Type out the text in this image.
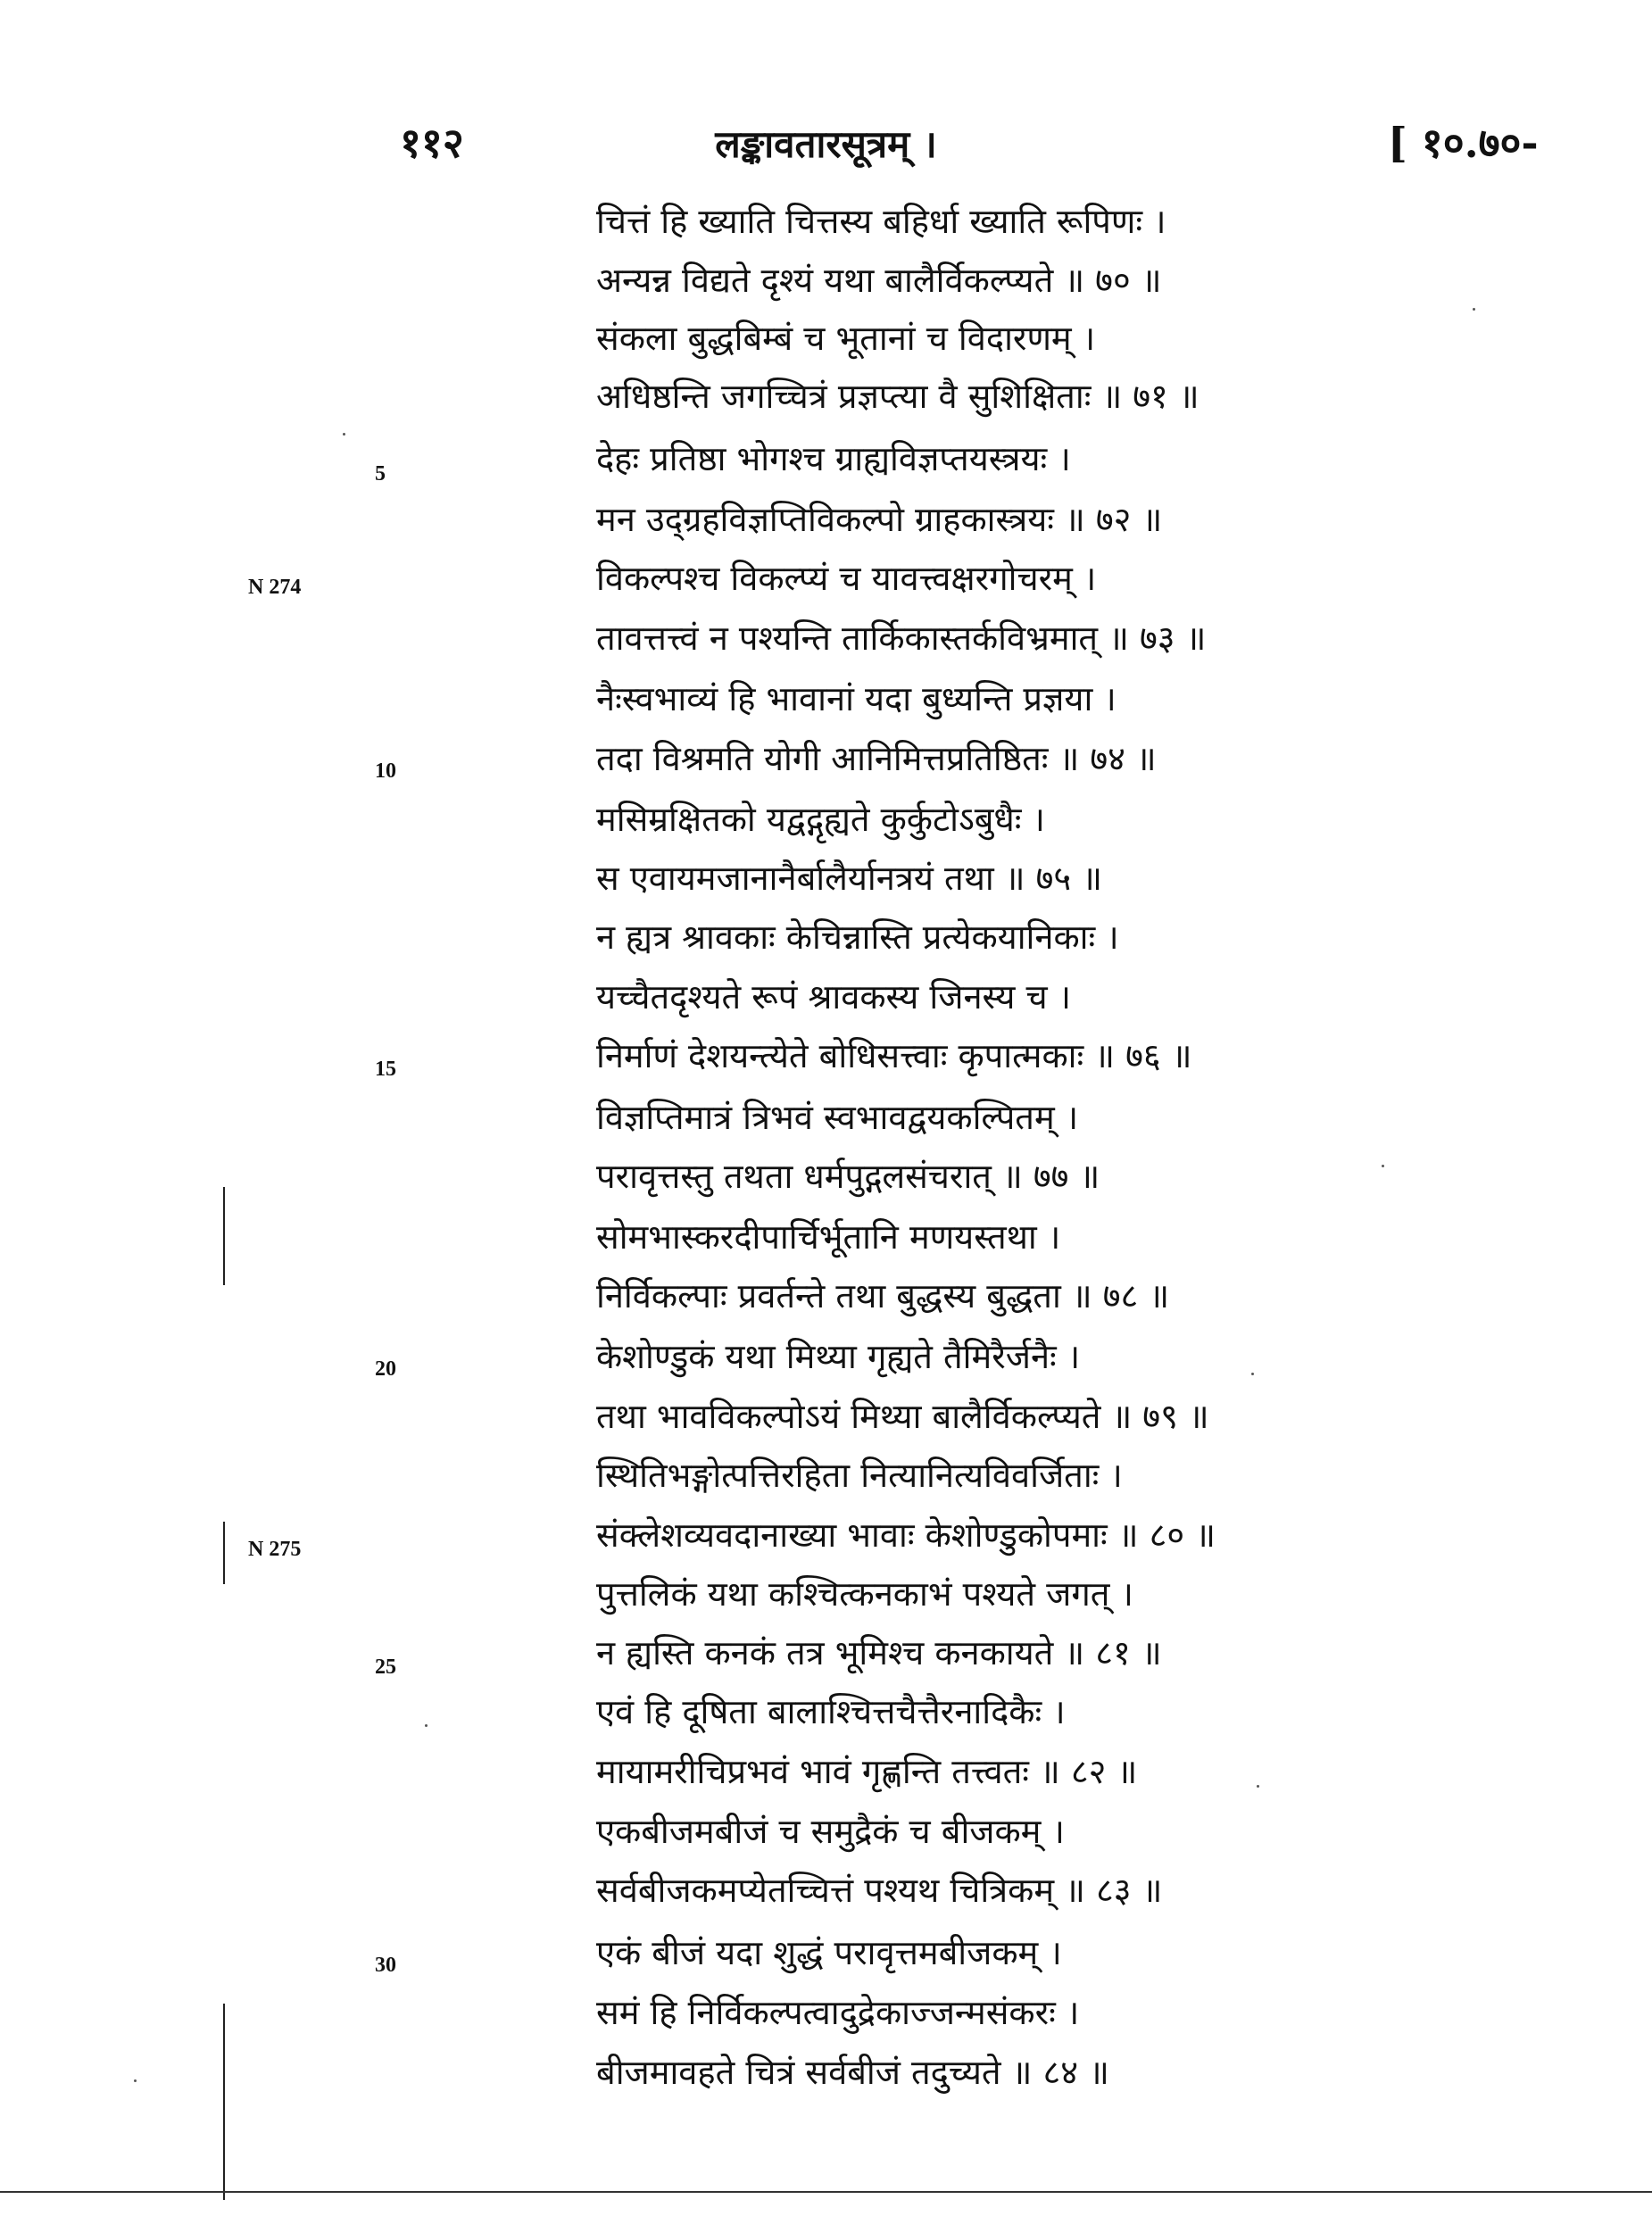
११२	लङ्कावतारसूत्रम् ।	[ १०.७०-
चित्तं हि ख्याति चित्तस्य बहिर्धा ख्याति रूपिणः ।
अन्यन्न विद्यते दृश्यं यथा बालैर्विकल्प्यते ॥ ७० ॥
संकला बुद्धबिम्बं च भूतानां च विदारणम् ।
अधिष्ठन्ति जगच्चित्रं प्रज्ञप्त्या वै सुशिक्षिताः ॥ ७१ ॥
देहः प्रतिष्ठा भोगश्च ग्राह्यविज्ञप्तयस्त्रयः ।
मन उद्ग्रहविज्ञप्तिविकल्पो ग्राहकास्त्रयः ॥ ७२ ॥
विकल्पश्च विकल्प्यं च यावत्त्वक्षरगोचरम् ।
तावत्तत्त्वं न पश्यन्ति तार्किकास्तर्कविभ्रमात् ॥ ७३ ॥
नैःस्वभाव्यं हि भावानां यदा बुध्यन्ति प्रज्ञया ।
तदा विश्रमति योगी आनिमित्तप्रतिष्ठितः ॥ ७४ ॥
मसिम्रक्षितको यद्वद्गृह्यते कुर्कुटोऽबुधैः ।
स एवायमजानानैर्बालैर्यानत्रयं तथा ॥ ७५ ॥
न ह्यत्र श्रावकाः केचिन्नास्ति प्रत्येकयानिकाः ।
यच्चैतदृश्यते रूपं श्रावकस्य जिनस्य च ।
निर्माणं देशयन्त्येते बोधिसत्त्वाः कृपात्मकाः ॥ ७६ ॥
विज्ञप्तिमात्रं त्रिभवं स्वभावद्वयकल्पितम् ।
परावृत्तस्तु तथता धर्मपुद्गलसंचरात् ॥ ७७ ॥
सोमभास्करदीपार्चिर्भूतानि मणयस्तथा ।
निर्विकल्पाः प्रवर्तन्ते तथा बुद्धस्य बुद्धता ॥ ७८ ॥
केशोण्डुकं यथा मिथ्या गृह्यते तैमिरैर्जनैः ।
तथा भावविकल्पोऽयं मिथ्या बालैर्विकल्प्यते ॥ ७९ ॥
स्थितिभङ्गोत्पत्तिरहिता नित्यानित्यविवर्जिताः ।
संक्लेशव्यवदानाख्या भावाः केशोण्डुकोपमाः ॥ ८० ॥
पुत्तलिकं यथा कश्चित्कनकाभं पश्यते जगत् ।
न ह्यस्ति कनकं तत्र भूमिश्च कनकायते ॥ ८१ ॥
एवं हि दूषिता बालाश्चित्तचैत्तैरनादिकैः ।
मायामरीचिप्रभवं भावं गृह्णन्ति तत्त्वतः ॥ ८२ ॥
एकबीजमबीजं च समुद्रैकं च बीजकम् ।
सर्वबीजकमप्येतच्चित्तं पश्यथ चित्रिकम् ॥ ८३ ॥
एकं बीजं यदा शुद्धं परावृत्तमबीजकम् ।
समं हि निर्विकल्पत्वादुद्रेकाज्जन्मसंकरः ।
बीजमावहते चित्रं सर्वबीजं तदुच्यते ॥ ८४ ॥
5
10
15
20
25
30
N 274
N 275
